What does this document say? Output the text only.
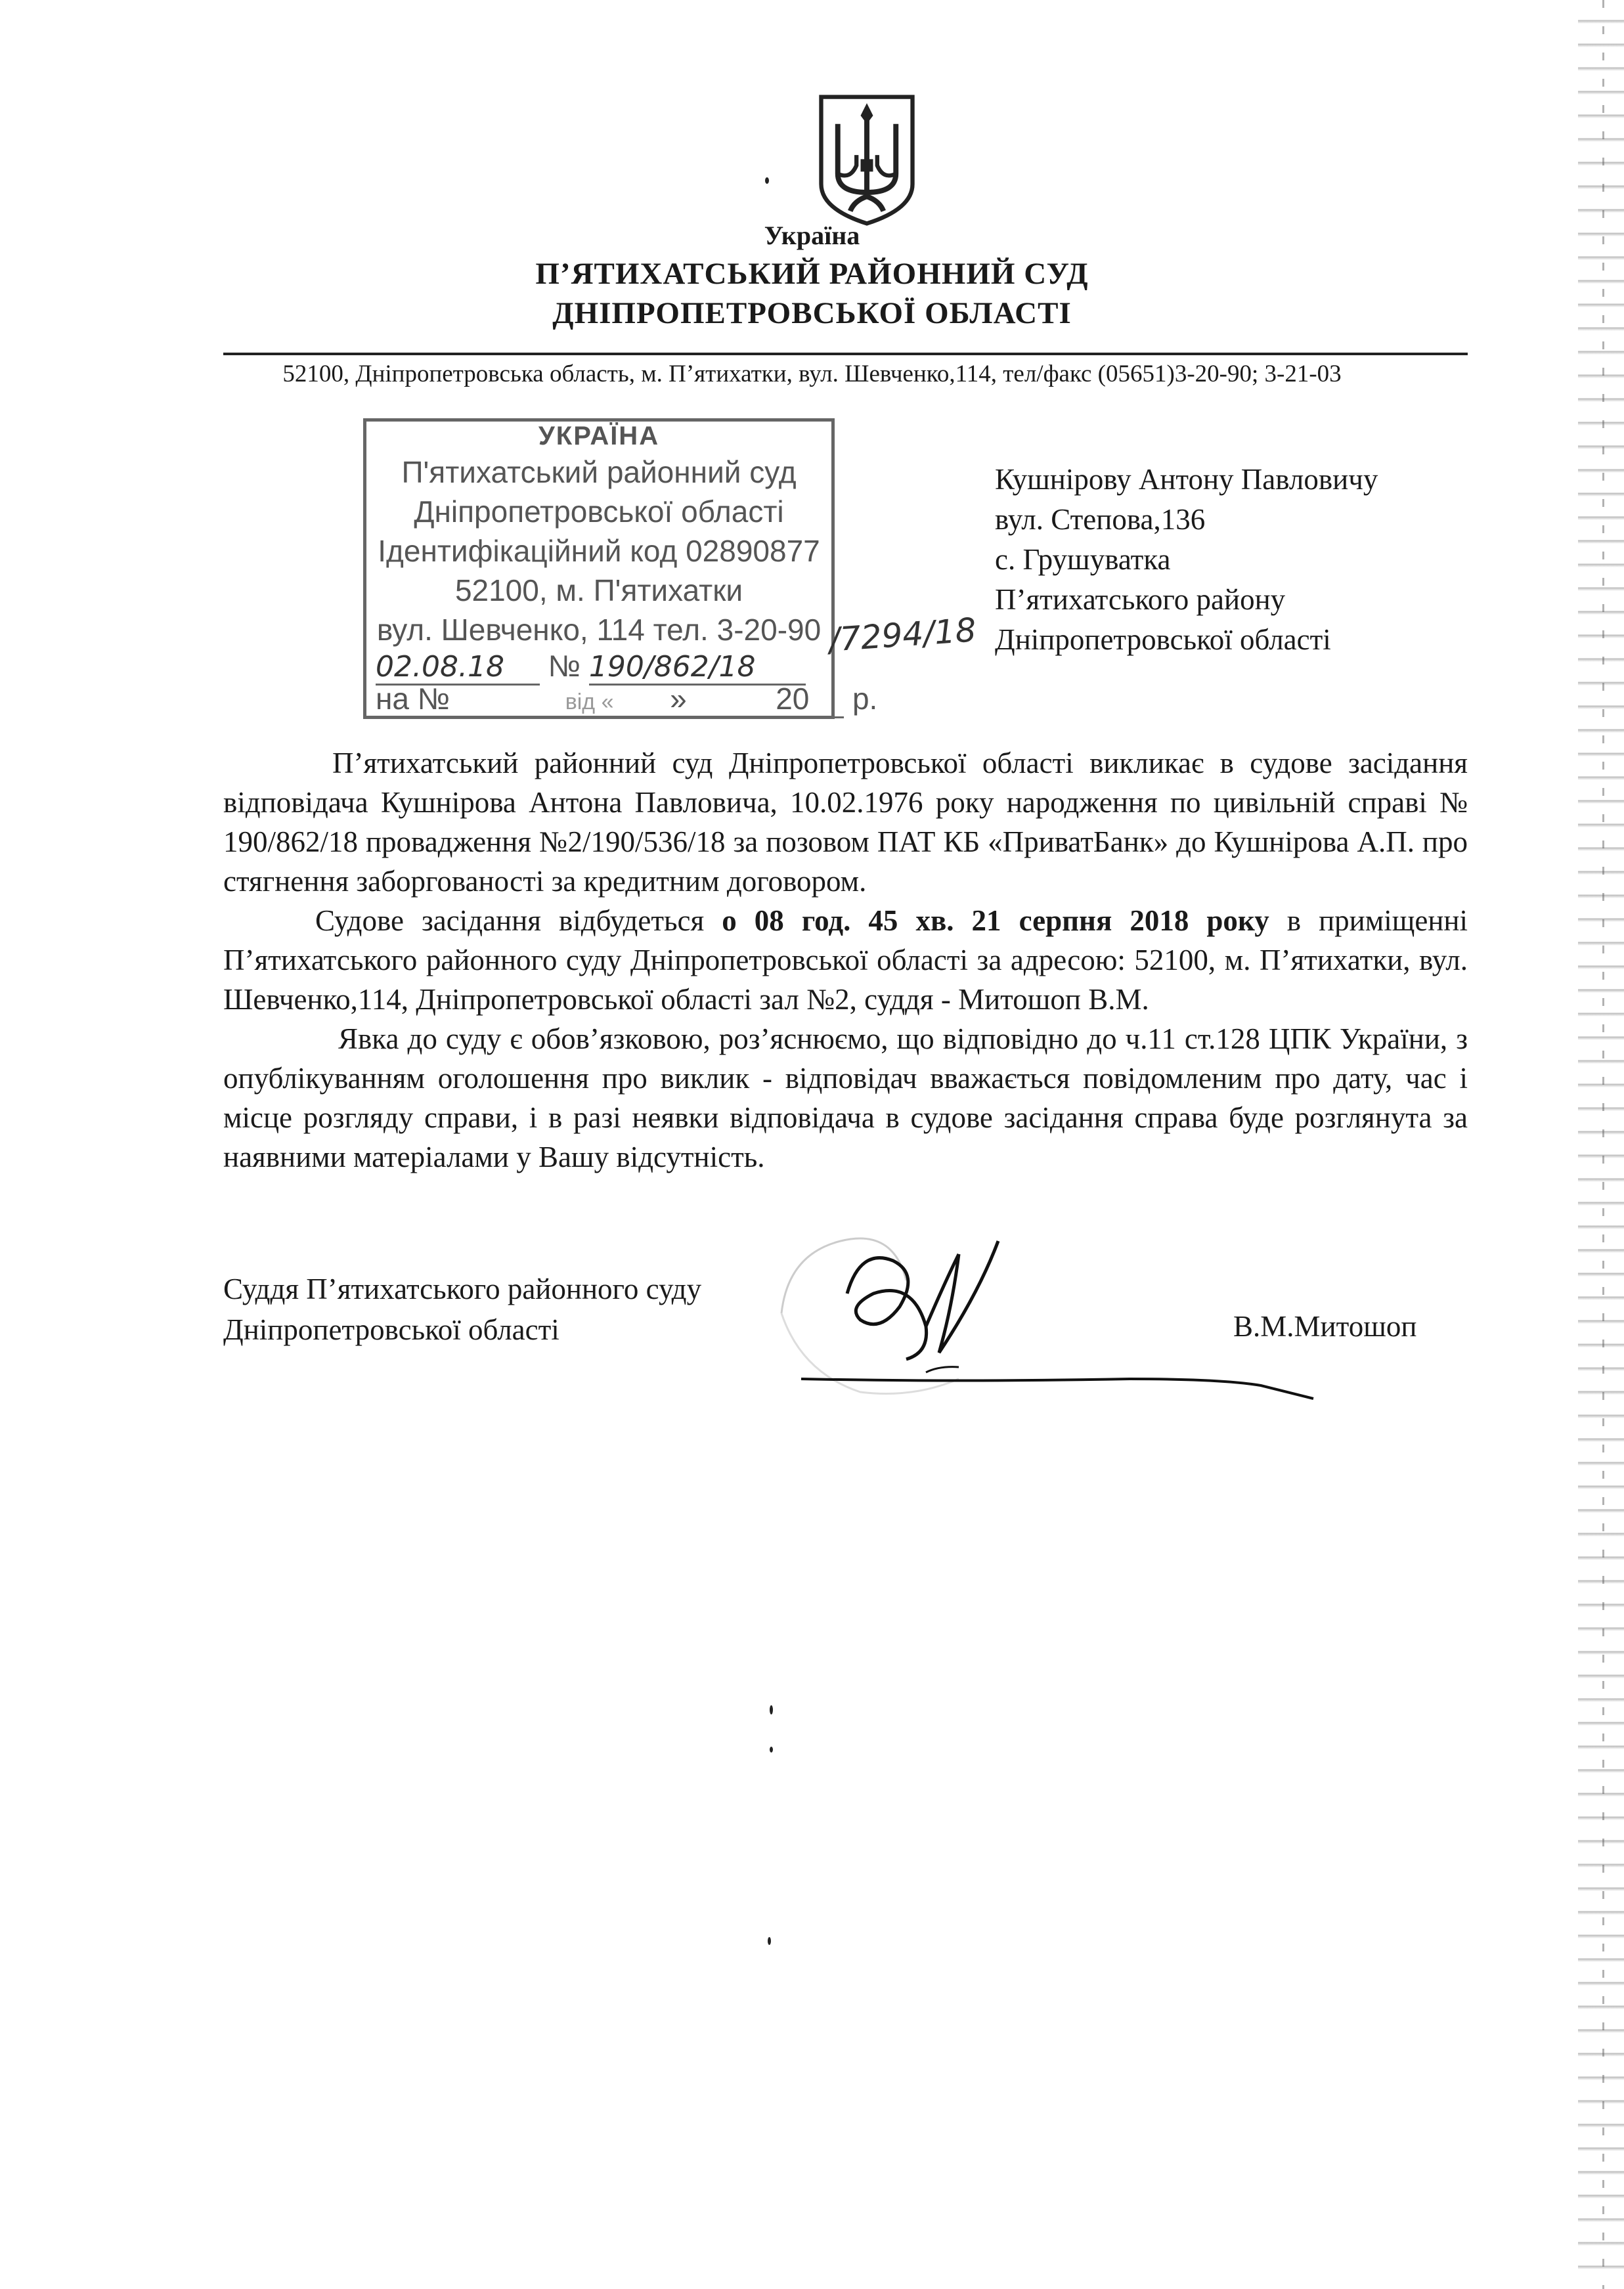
Україна
П’ЯТИХАТСЬКИЙ РАЙОННИЙ СУД
ДНІПРОПЕТРОВСЬКОЇ ОБЛАСТІ
52100, Дніпропетровська область, м. П’ятихатки, вул. Шевченко,114, тел/факс (05651)3-20-90; 3-21-03
УКРАЇНА
П'ятихатський районний суд
Дніпропетровської області
Ідентифікаційний код 02890877
52100, м. П'ятихатки
вул. Шевченко, 114 тел. 3-20-90
02.08.18 № 190/862/18
на №	від « »	20 р.
/7294/18
Кушнірову Антону Павловичу
вул. Степова,136
с. Грушуватка
П’ятихатського району
Дніпропетровської області

П’ятихатський районний суд Дніпропетровської області викликає в судове засідання відповідача Кушнірова Антона Павловича, 10.02.1976 року народження по цивільній справі № 190/862/18 провадження №2/190/536/18 за позовом ПАТ КБ «ПриватБанк» до Кушнірова А.П. про стягнення заборгованості за кредитним договором.

Судове засідання відбудеться о 08 год. 45 хв. 21 серпня 2018 року в приміщенні П’ятихатського районного суду Дніпропетровської області за адресою: 52100, м. П’ятихатки, вул. Шевченко,114, Дніпропетровської області зал №2, суддя - Митошоп В.М.

Явка до суду є обов’язковою, роз’яснюємо, що відповідно до ч.11 ст.128 ЦПК України, з опублікуванням оголошення про виклик - відповідач вважається повідомленим про дату, час і місце розгляду справи, і в разі неявки відповідача в судове засідання справа буде розглянута за наявними матеріалами у Вашу відсутність.

Суддя П’ятихатського районного суду
Дніпропетровської області	В.М.Митошоп
